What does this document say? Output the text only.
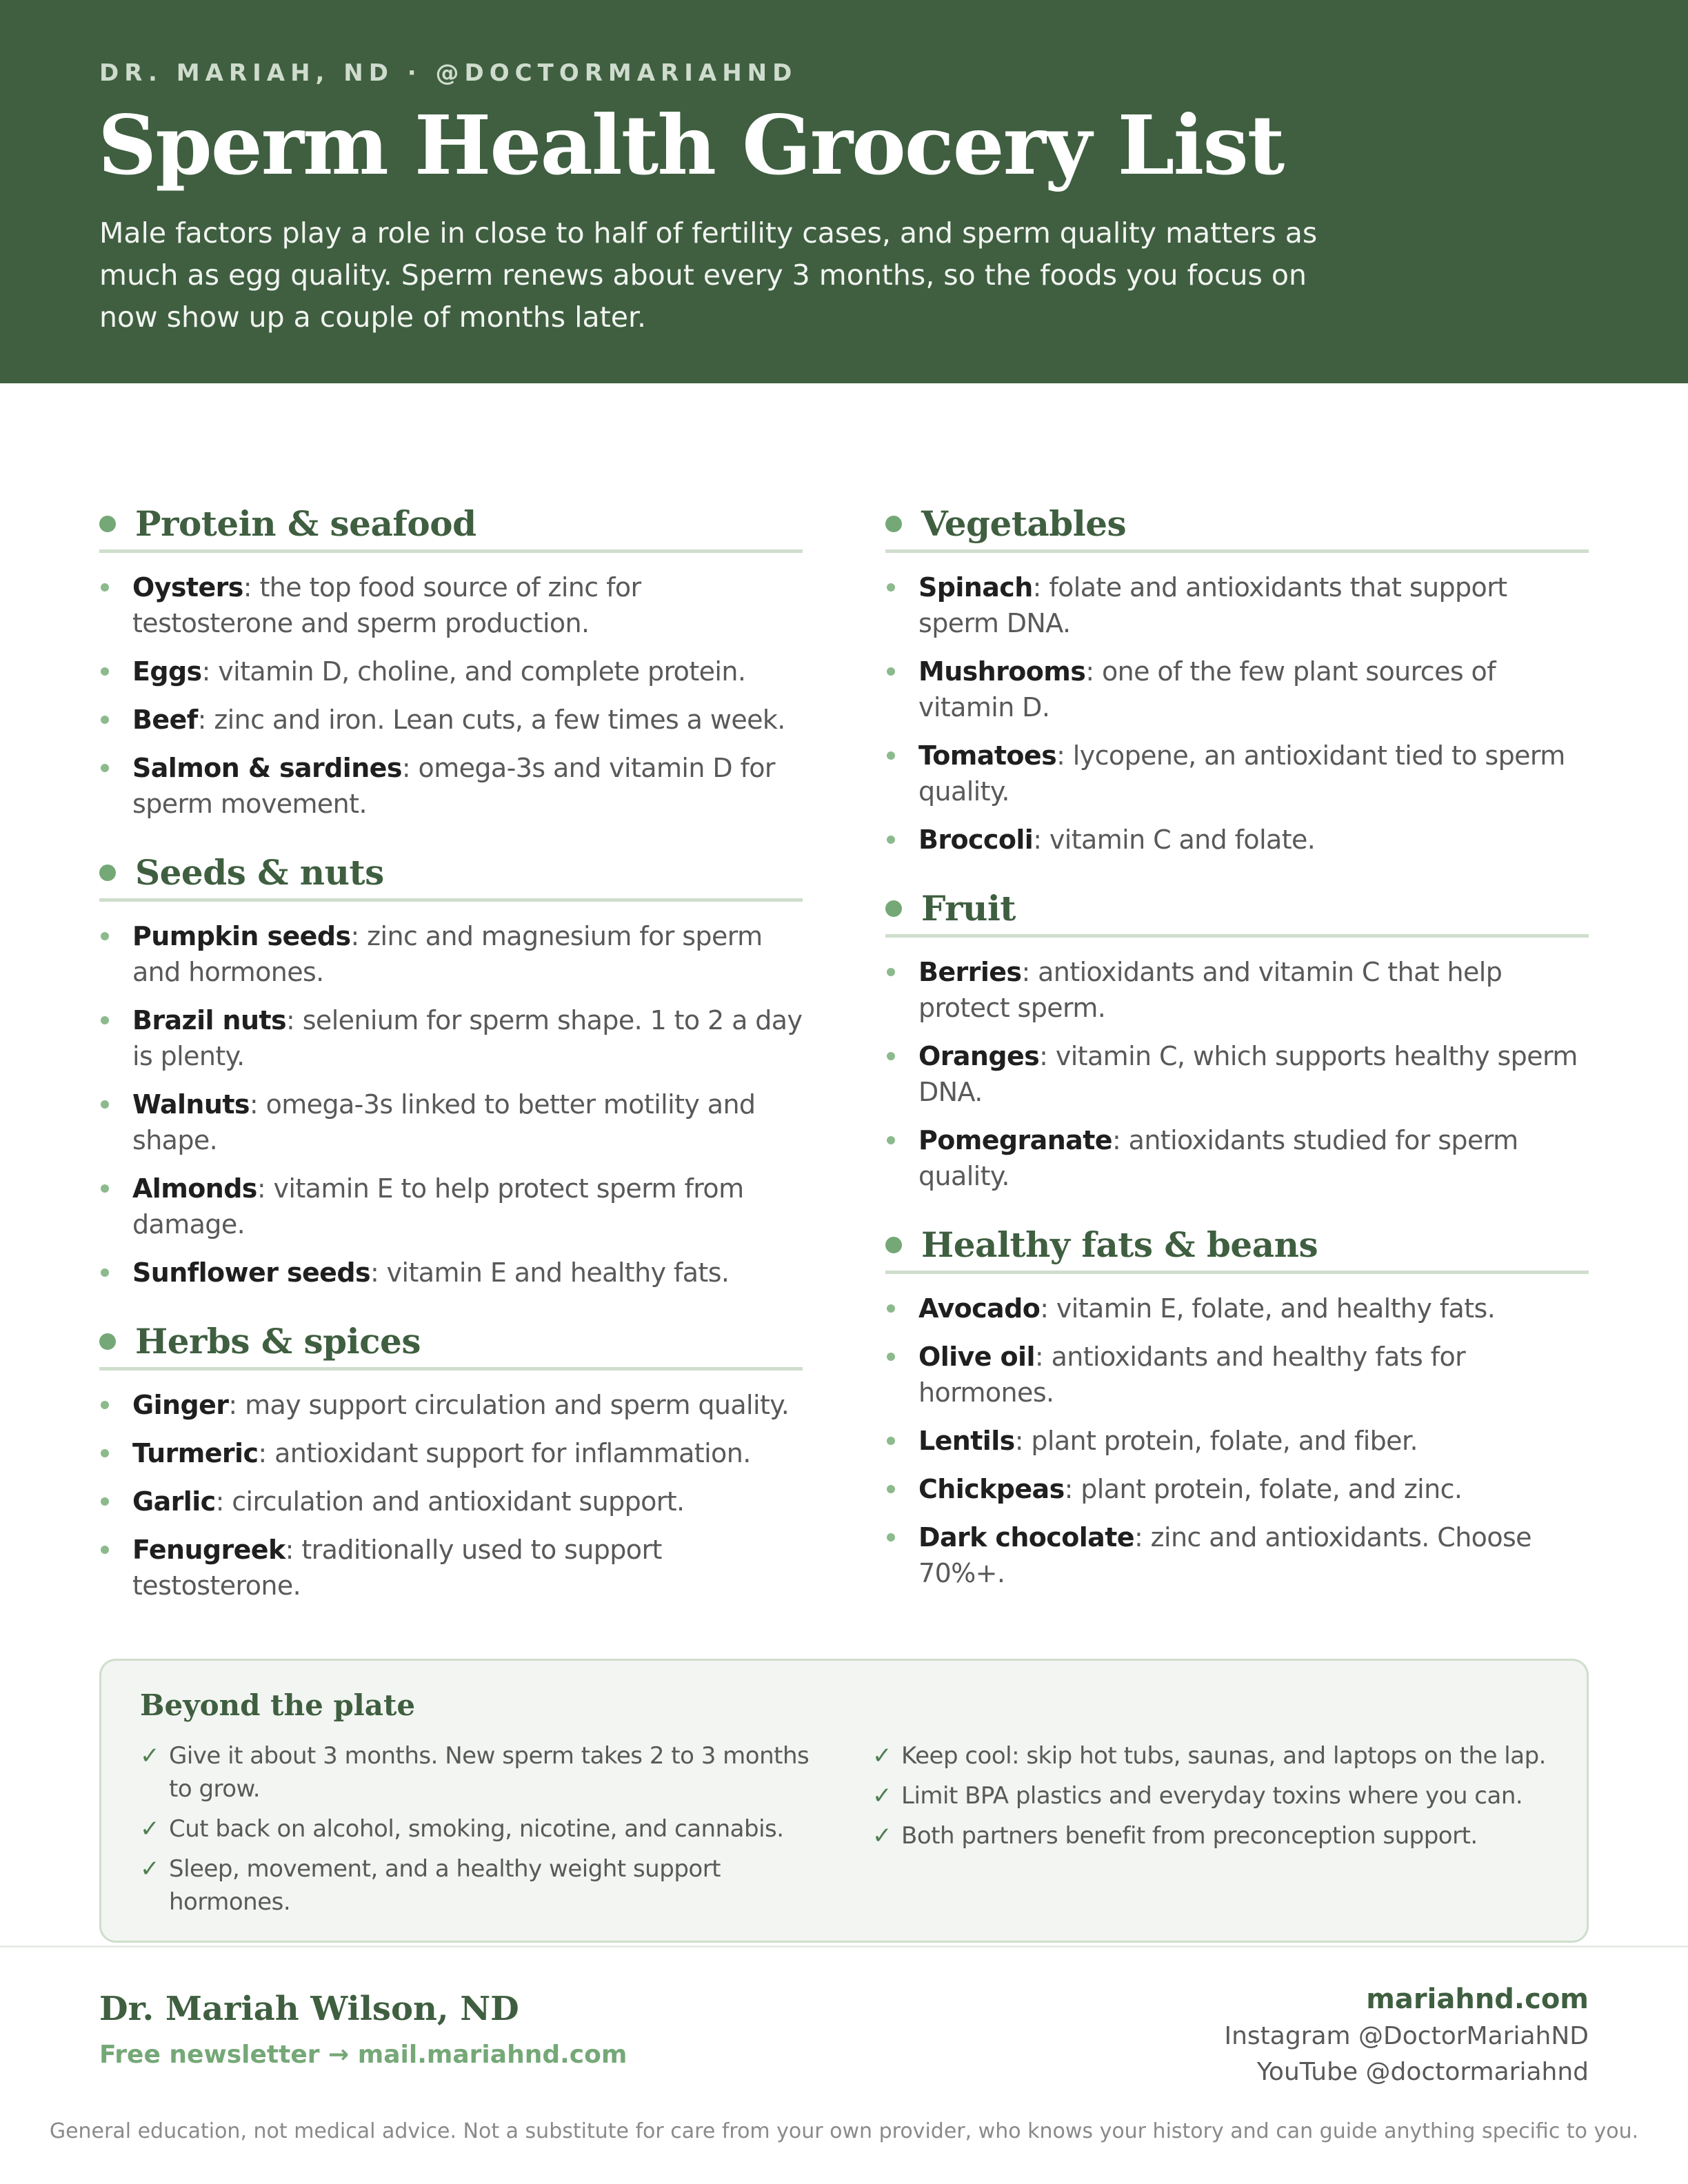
DR. MARIAH, ND · @DOCTORMARIAHND
Sperm Health Grocery List

Male factors play a role in close to half of fertility cases, and sperm quality matters as much as egg quality. Sperm renews about every 3 months, so the foods you focus on now show up a couple of months later.

Protein & seafood
Oysters: the top food source of zinc for testosterone and sperm production.
Eggs: vitamin D, choline, and complete protein.
Beef: zinc and iron. Lean cuts, a few times a week.
Salmon & sardines: omega-3s and vitamin D for sperm movement.
Seeds & nuts
Pumpkin seeds: zinc and magnesium for sperm and hormones.
Brazil nuts: selenium for sperm shape. 1 to 2 a day is plenty.
Walnuts: omega-3s linked to better motility and shape.
Almonds: vitamin E to help protect sperm from damage.
Sunflower seeds: vitamin E and healthy fats.
Herbs & spices
Ginger: may support circulation and sperm quality.
Turmeric: antioxidant support for inflammation.
Garlic: circulation and antioxidant support.
Fenugreek: traditionally used to support testosterone.
Vegetables
Spinach: folate and antioxidants that support sperm DNA.
Mushrooms: one of the few plant sources of vitamin D.
Tomatoes: lycopene, an antioxidant tied to sperm quality.
Broccoli: vitamin C and folate.
Fruit
Berries: antioxidants and vitamin C that help protect sperm.
Oranges: vitamin C, which supports healthy sperm DNA.
Pomegranate: antioxidants studied for sperm quality.
Healthy fats & beans
Avocado: vitamin E, folate, and healthy fats.
Olive oil: antioxidants and healthy fats for hormones.
Lentils: plant protein, folate, and fiber.
Chickpeas: plant protein, folate, and zinc.
Dark chocolate: zinc and antioxidants. Choose 70%+.
Beyond the plate
✓ Give it about 3 months. New sperm takes 2 to 3 months to grow.
✓ Cut back on alcohol, smoking, nicotine, and cannabis.
✓ Sleep, movement, and a healthy weight support hormones.
✓ Keep cool: skip hot tubs, saunas, and laptops on the lap.
✓ Limit BPA plastics and everyday toxins where you can.
✓ Both partners benefit from preconception support.
Dr. Mariah Wilson, ND
Free newsletter → mail.mariahnd.com
mariahnd.com
Instagram @DoctorMariahND
YouTube @doctormariahnd

General education, not medical advice. Not a substitute for care from your own provider, who knows your history and can guide anything specific to you.
